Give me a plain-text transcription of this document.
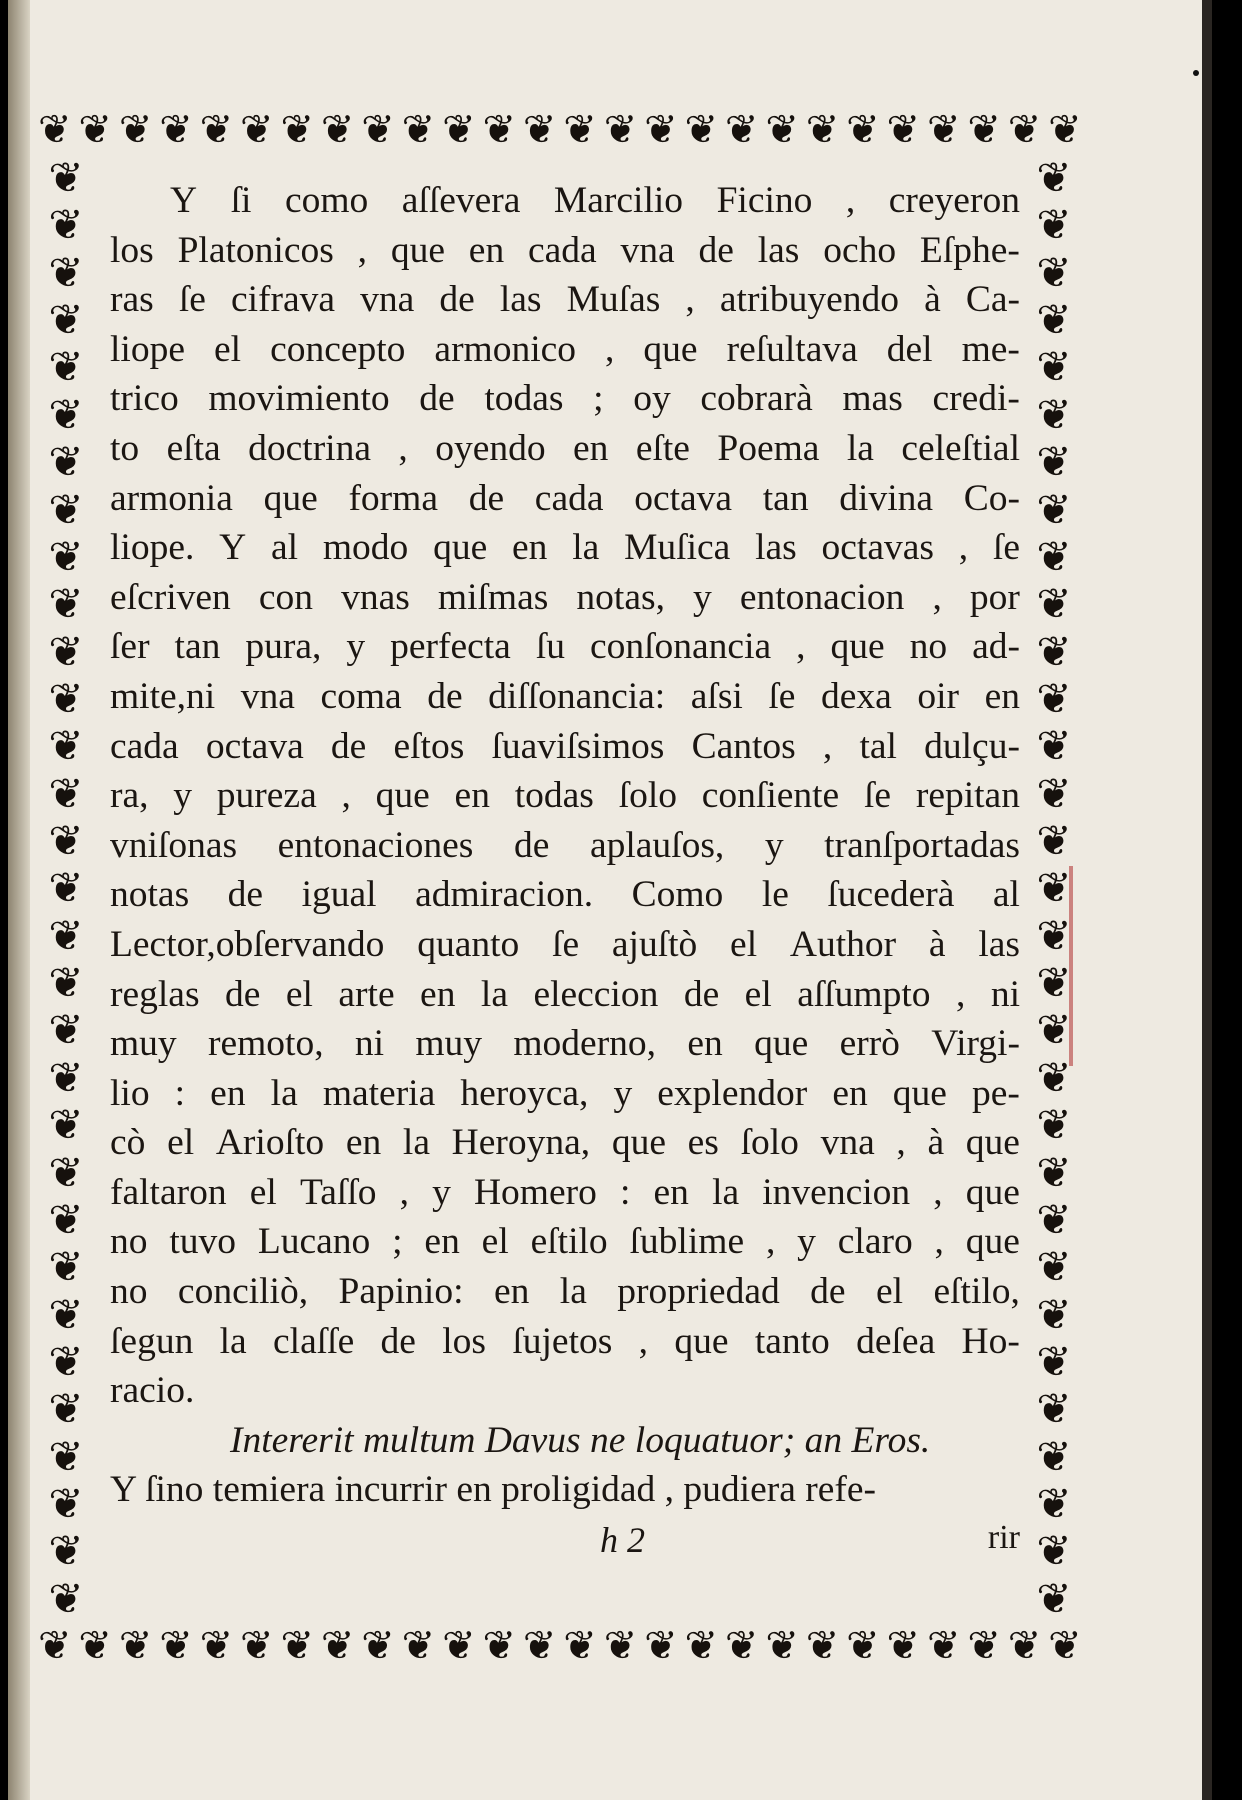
❦ ❦ ❦ ❦ ❦ ❦ ❦ ❦ ❦ ❦ ❦ ❦ ❦ ❦ ❦ ❦ ❦ ❦ ❦ ❦ ❦ ❦ ❦ ❦ ❦ ❦
❦ ❦ ❦ ❦ ❦ ❦ ❦ ❦ ❦ ❦ ❦ ❦ ❦ ❦ ❦ ❦ ❦ ❦ ❦ ❦ ❦ ❦ ❦ ❦ ❦ ❦
❦
❦
❦
❦
❦
❦
❦
❦
❦
❦
❦
❦
❦
❦
❦
❦
❦
❦
❦
❦
❦
❦
❦
❦
❦
❦
❦
❦
❦
❦
❦
❦
❦
❦
❦
❦
❦
❦
❦
❦
❦
❦
❦
❦
❦
❦
❦
❦
❦
❦
❦
❦
❦
❦
❦
❦
❦
❦
❦
❦
❦
❦
Y ſi como aſſevera Marcilio Ficino , creyeron
los Platonicos , que en cada vna de las ocho Eſphe-
ras ſe cifrava vna de las Muſas , atribuyendo à Ca-
liope el concepto armonico , que reſultava del me-
trico movimiento de todas ; oy cobrarà mas credi-
to eſta doctrina , oyendo en eſte Poema la celeſtial
armonia que forma de cada octava tan divina Co-
liope. Y al modo que en la Muſica las octavas , ſe
eſcriven con vnas miſmas notas, y entonacion , por
ſer tan pura, y perfecta ſu conſonancia , que no ad-
mite,ni vna coma de diſſonancia: aſsi ſe dexa oir en
cada octava de eſtos ſuaviſsimos Cantos , tal dulçu-
ra, y pureza , que en todas ſolo conſiente ſe repitan
vniſonas entonaciones de aplauſos, y tranſportadas
notas de igual admiracion. Como le ſucederà al
Lector,obſervando quanto ſe ajuſtò el Author à las
reglas de el arte en la eleccion de el aſſumpto , ni
muy remoto, ni muy moderno, en que errò Virgi-
lio : en la materia heroyca, y explendor en que pe-
cò el Arioſto en la Heroyna, que es ſolo vna , à que
faltaron el Taſſo , y Homero : en la invencion , que
no tuvo Lucano ; en el eſtilo ſublime , y claro , que
no conciliò, Papinio: en la propriedad de el eſtilo,
ſegun la claſſe de los ſujetos , que tanto deſea Ho-
racio.
Intererit multum Davus ne loquatuor; an Eros.
Y ſino temiera incurrir en proligidad , pudiera refe-
h 2	rir
